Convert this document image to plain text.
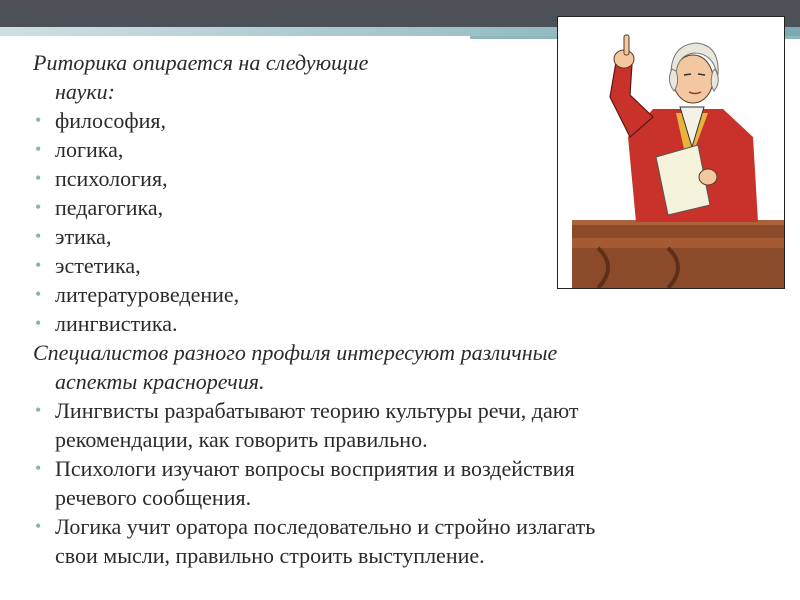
Риторика опирается на следующие
науки:
• философия,
• логика,
• психология,
• педагогика,
• этика,
• эстетика,
• литературоведение,
• лингвистика.
Специалистов разного профиля интересуют различные
аспекты красноречия.
• Лингвисты разрабатывают теорию культуры речи, дают
рекомендации, как говорить правильно.
• Психологи изучают вопросы восприятия и воздействия
речевого сообщения.
• Логика учит оратора последовательно и стройно излагать
свои мысли, правильно строить выступление.
